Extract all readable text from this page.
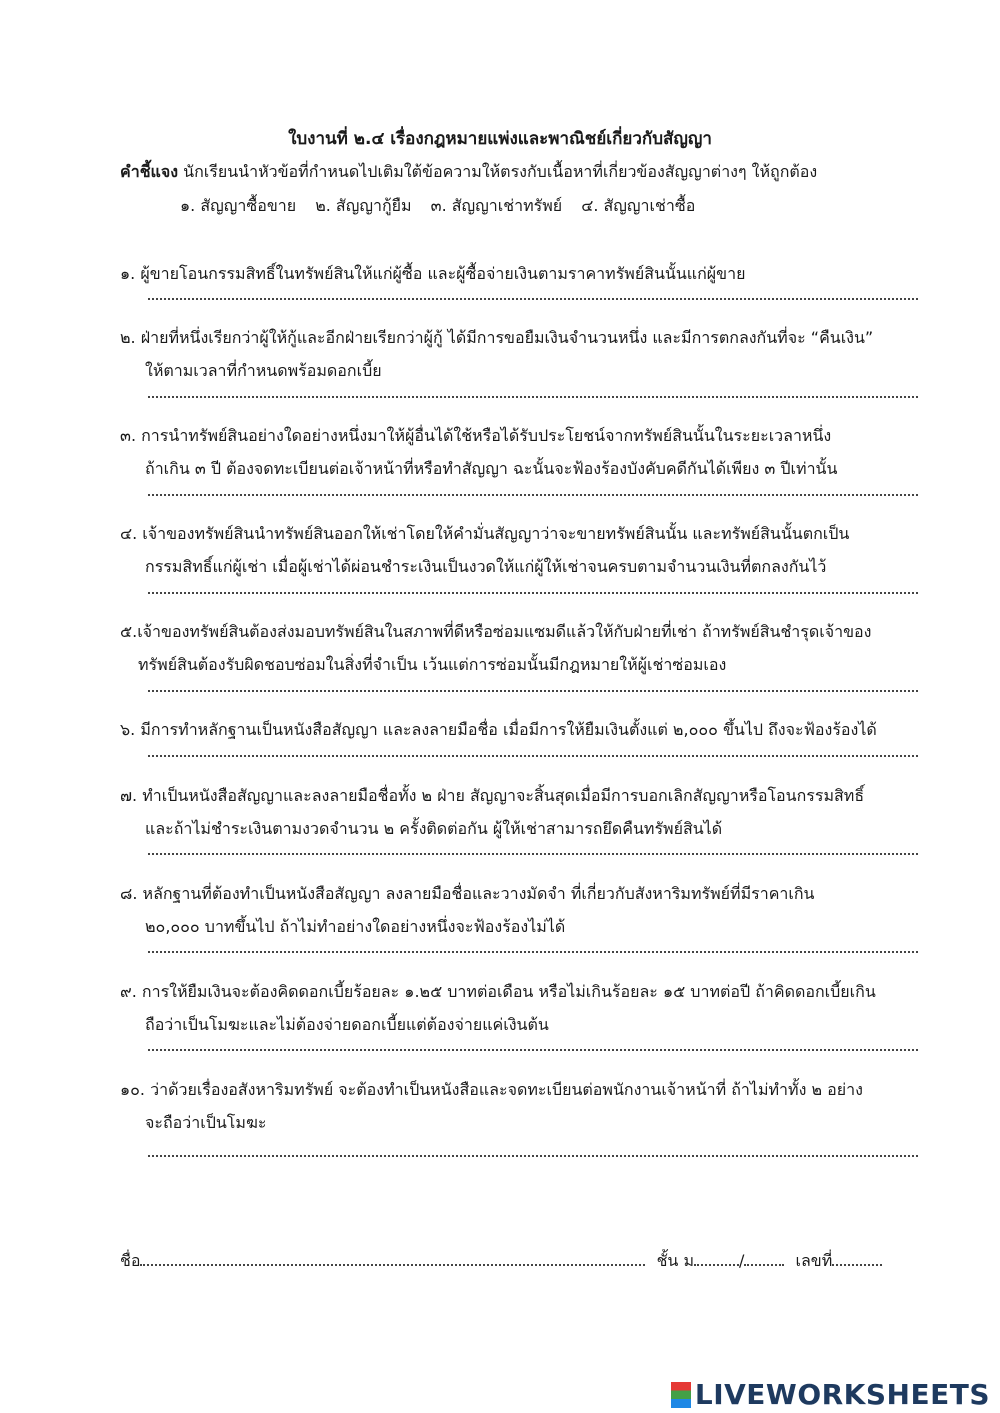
ใบงานที่ ๒.๔ เรื่องกฎหมายแพ่งและพาณิชย์เกี่ยวกับสัญญา
คำชี้แจง นักเรียนนำหัวข้อที่กำหนดไปเติมใต้ข้อความให้ตรงกับเนื้อหาที่เกี่ยวข้องสัญญาต่างๆ ให้ถูกต้อง
๑. สัญญาซื้อขาย ๒. สัญญากู้ยืม ๓. สัญญาเช่าทรัพย์ ๔. สัญญาเช่าซื้อ
๑. ผู้ขายโอนกรรมสิทธิ์ในทรัพย์สินให้แก่ผู้ซื้อ และผู้ซื้อจ่ายเงินตามราคาทรัพย์สินนั้นแก่ผู้ขาย
๒. ฝ่ายที่หนึ่งเรียกว่าผู้ให้กู้และอีกฝ่ายเรียกว่าผู้กู้ ได้มีการขอยืมเงินจำนวนหนึ่ง และมีการตกลงกันที่จะ “คืนเงิน”
ให้ตามเวลาที่กำหนดพร้อมดอกเบี้ย
๓. การนำทรัพย์สินอย่างใดอย่างหนึ่งมาให้ผู้อื่นได้ใช้หรือได้รับประโยชน์จากทรัพย์สินนั้นในระยะเวลาหนึ่ง
ถ้าเกิน ๓ ปี ต้องจดทะเบียนต่อเจ้าหน้าที่หรือทำสัญญา ฉะนั้นจะฟ้องร้องบังคับคดีกันได้เพียง ๓ ปีเท่านั้น
๔. เจ้าของทรัพย์สินนำทรัพย์สินออกให้เช่าโดยให้คำมั่นสัญญาว่าจะขายทรัพย์สินนั้น และทรัพย์สินนั้นตกเป็น
กรรมสิทธิ์แก่ผู้เช่า เมื่อผู้เช่าได้ผ่อนชำระเงินเป็นงวดให้แก่ผู้ให้เช่าจนครบตามจำนวนเงินที่ตกลงกันไว้
๕.เจ้าของทรัพย์สินต้องส่งมอบทรัพย์สินในสภาพที่ดีหรือซ่อมแซมดีแล้วให้กับฝ่ายที่เช่า ถ้าทรัพย์สินชำรุดเจ้าของ
ทรัพย์สินต้องรับผิดชอบซ่อมในสิ่งที่จำเป็น เว้นแต่การซ่อมนั้นมีกฎหมายให้ผู้เช่าซ่อมเอง
๖. มีการทำหลักฐานเป็นหนังสือสัญญา และลงลายมือชื่อ เมื่อมีการให้ยืมเงินตั้งแต่ ๒,๐๐๐ ขึ้นไป ถึงจะฟ้องร้องได้
๗. ทำเป็นหนังสือสัญญาและลงลายมือชื่อทั้ง ๒ ฝ่าย สัญญาจะสิ้นสุดเมื่อมีการบอกเลิกสัญญาหรือโอนกรรมสิทธิ์
และถ้าไม่ชำระเงินตามงวดจำนวน ๒ ครั้งติดต่อกัน ผู้ให้เช่าสามารถยึดคืนทรัพย์สินได้
๘. หลักฐานที่ต้องทำเป็นหนังสือสัญญา ลงลายมือชื่อและวางมัดจำ ที่เกี่ยวกับสังหาริมทรัพย์ที่มีราคาเกิน
๒๐,๐๐๐ บาทขึ้นไป ถ้าไม่ทำอย่างใดอย่างหนึ่งจะฟ้องร้องไม่ได้
๙. การให้ยืมเงินจะต้องคิดดอกเบี้ยร้อยละ ๑.๒๕ บาทต่อเดือน หรือไม่เกินร้อยละ ๑๕ บาทต่อปี ถ้าคิดดอกเบี้ยเกิน
ถือว่าเป็นโมฆะและไม่ต้องจ่ายดอกเบี้ยแต่ต้องจ่ายแค่เงินต้น
๑๐. ว่าด้วยเรื่องอสังหาริมทรัพย์ จะต้องทำเป็นหนังสือและจดทะเบียนต่อพนักงานเจ้าหน้าที่ ถ้าไม่ทำทั้ง ๒ อย่าง
จะถือว่าเป็นโมฆะ
ชื่อ	ชั้น ม	/	เลขที่
LIVEWORKSHEETS
